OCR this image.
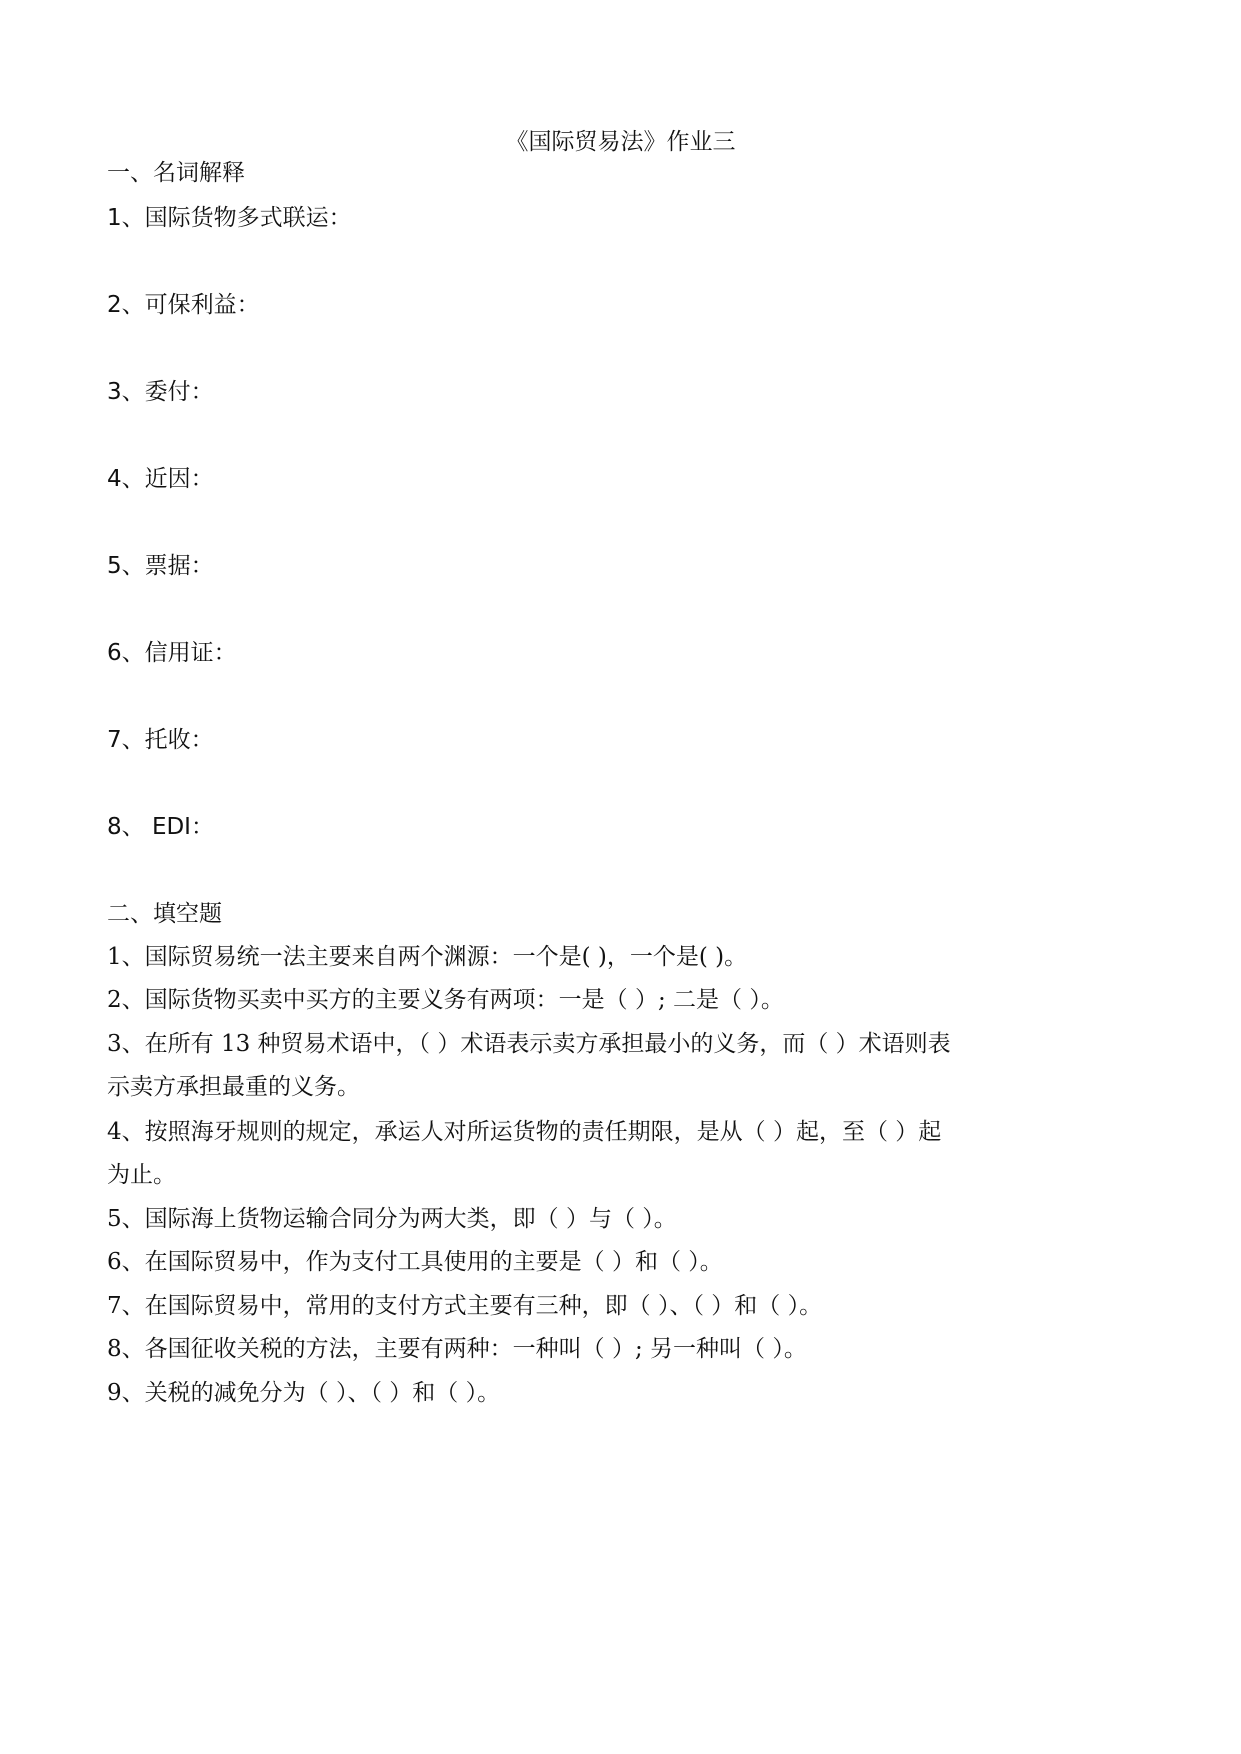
《国际贸易法》作业三

一、名词解释

1、国际货物多式联运：

2、可保利益：

3、委付：

4、近因：

5、票据：

6、信用证：

7、托收：

8、 EDI：

二、填空题

1、国际贸易统一法主要来自两个渊源：一个是( )，一个是( )。

2、国际货物买卖中买方的主要义务有两项：一是（ ）; 二是（ ）。

3、在所有 13 种贸易术语中，（ ）术语表示卖方承担最小的义务，而（ ）术语则表

示卖方承担最重的义务。

4、按照海牙规则的规定，承运人对所运货物的责任期限，是从（ ）起，至（ ）起

为止。

5、国际海上货物运输合同分为两大类，即（ ）与（ ）。

6、在国际贸易中，作为支付工具使用的主要是（ ）和（ ）。

7、在国际贸易中，常用的支付方式主要有三种，即（ ）、（ ）和（ ）。

8、各国征收关税的方法，主要有两种：一种叫（ ）; 另一种叫（ ）。

9、关税的减免分为（ ）、（ ）和（ ）。
